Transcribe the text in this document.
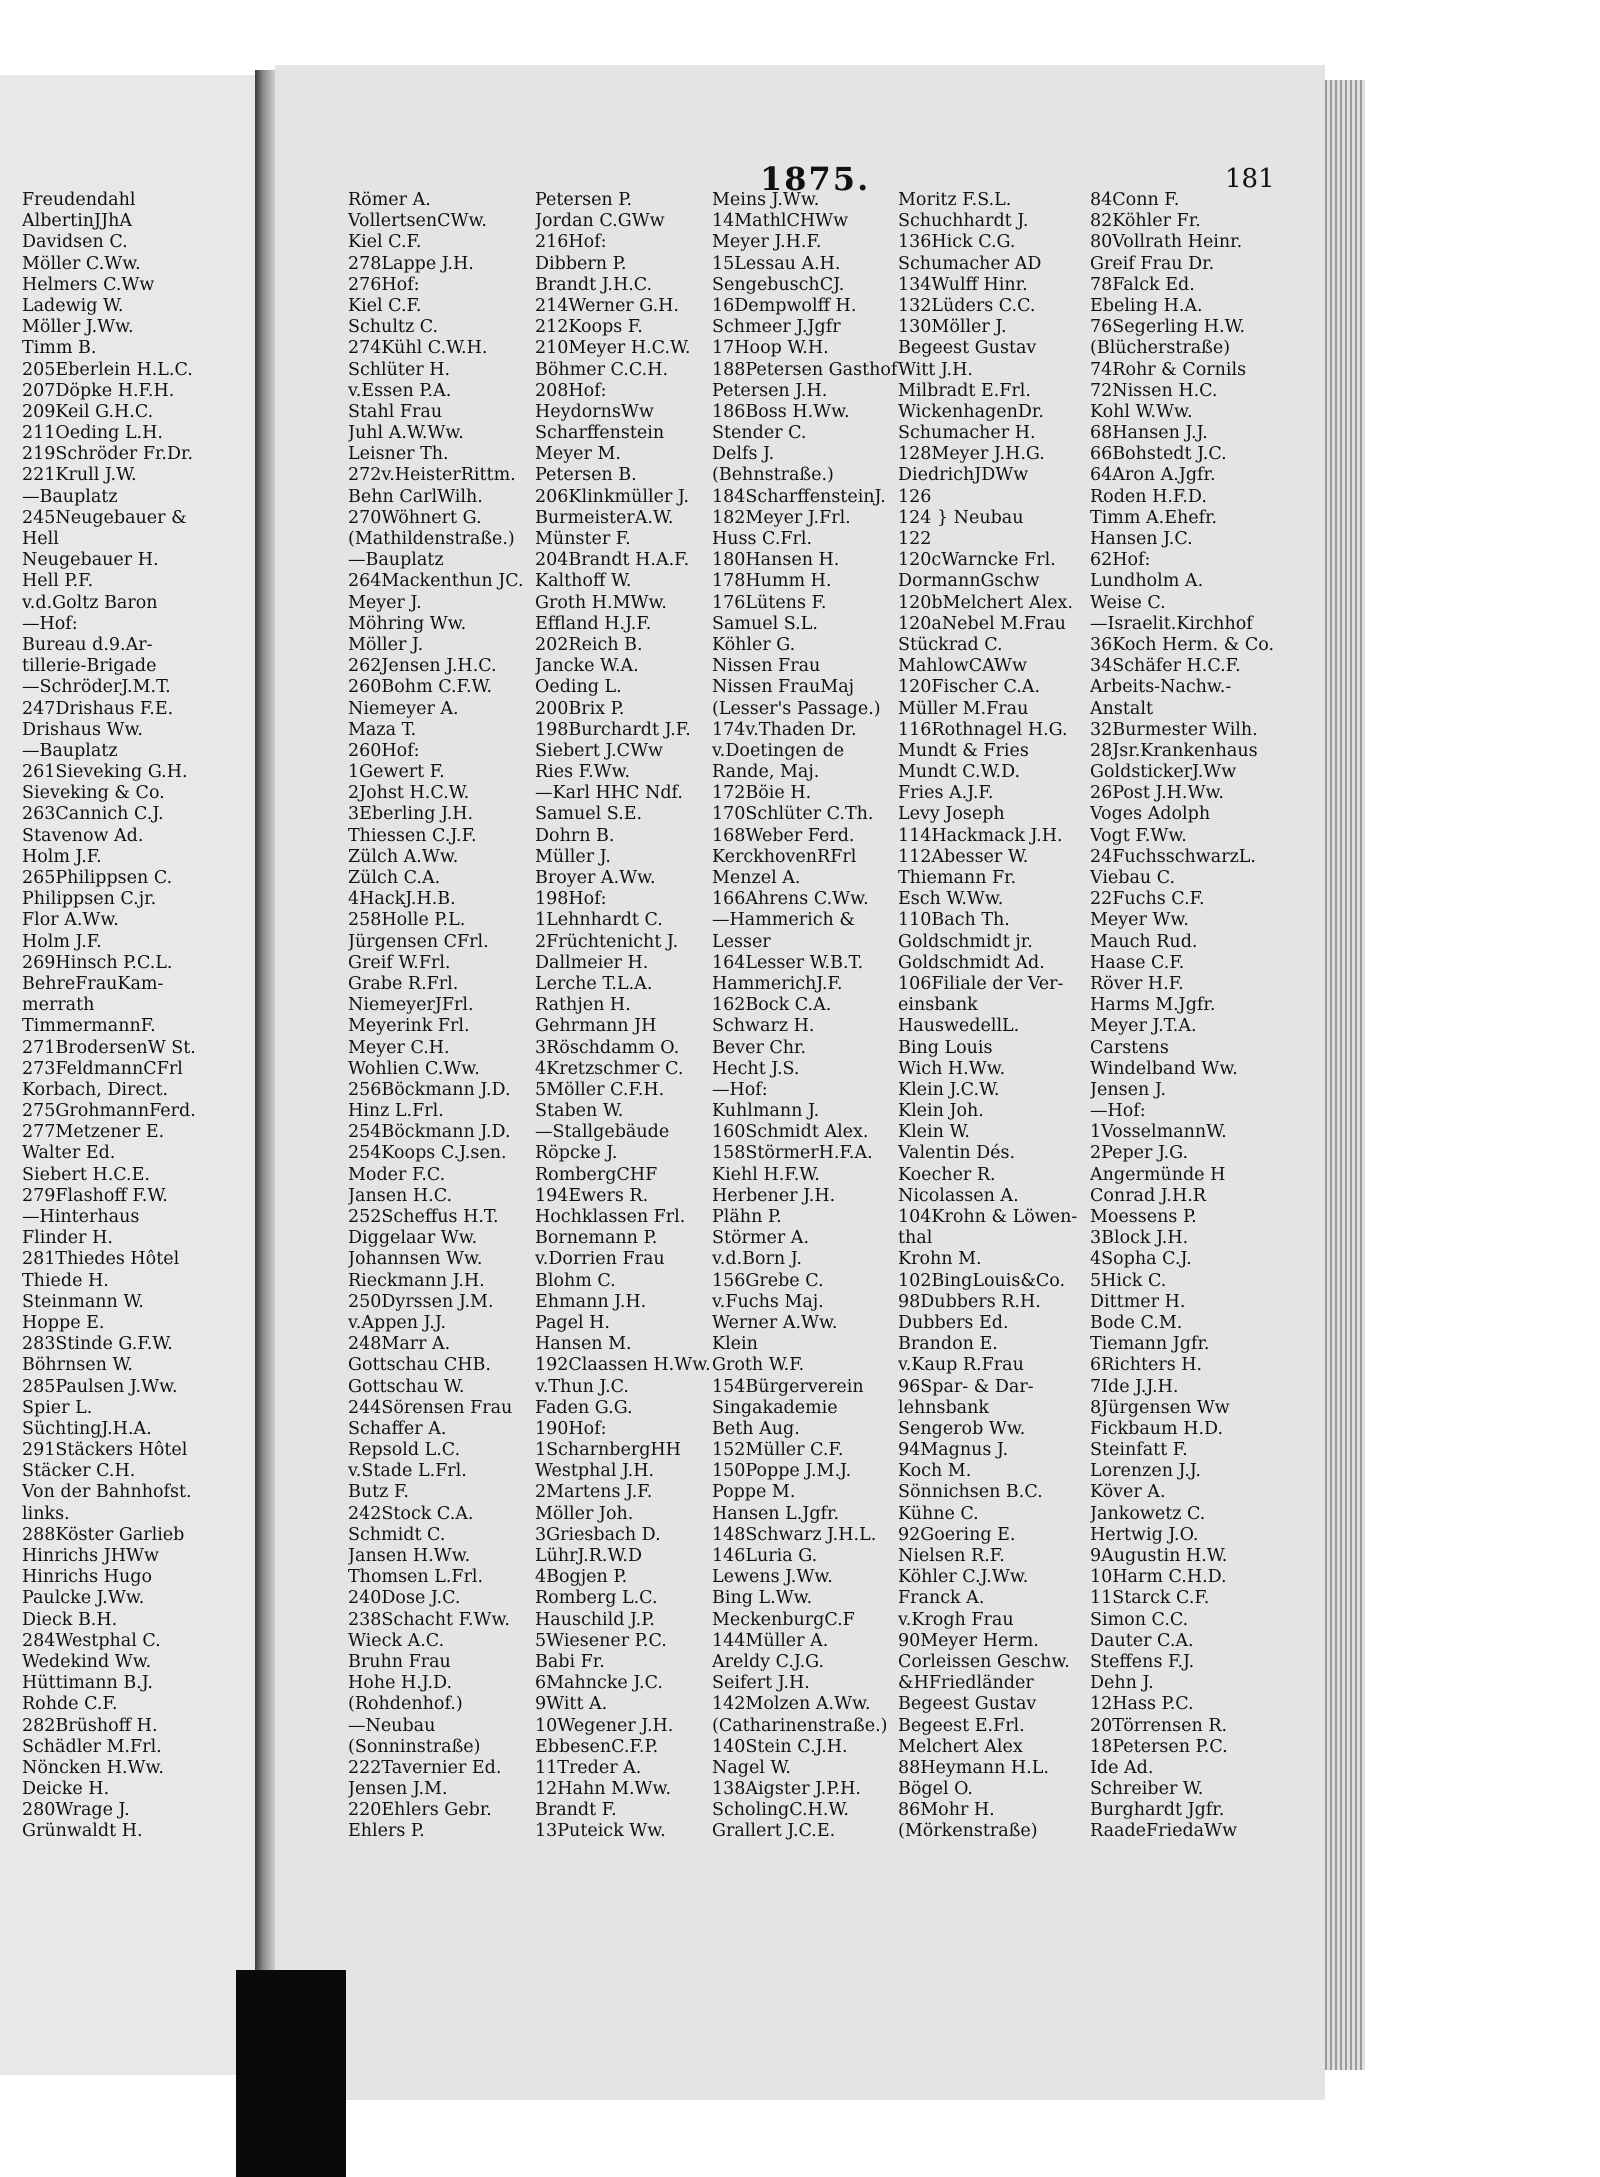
1875.	181
Freudendahl
AlbertinJJhA
Davidsen C.
Möller C.Ww.
Helmers C.Ww
Ladewig W.
Möller J.Ww.
Timm B.
205Eberlein H.L.C.
207Döpke H.F.H.
209Keil G.H.C.
211Oeding L.H.
219Schröder Fr.Dr.
221Krull J.W.
—Bauplatz
245Neugebauer &
Hell
Neugebauer H.
Hell P.F.
v.d.Goltz Baron
—Hof:
Bureau d.9.Ar-
tillerie-Brigade
—SchröderJ.M.T.
247Drishaus F.E.
Drishaus Ww.
—Bauplatz
261Sieveking G.H.
Sieveking & Co.
263Cannich C.J.
Stavenow Ad.
Holm J.F.
265Philippsen C.
Philippsen C.jr.
Flor A.Ww.
Holm J.F.
269Hinsch P.C.L.
BehreFrauKam-
merrath
TimmermannF.
271BrodersenW St.
273FeldmannCFrl
Korbach, Direct.
275GrohmannFerd.
277Metzener E.
Walter Ed.
Siebert H.C.E.
279Flashoff F.W.
—Hinterhaus
Flinder H.
281Thiedes Hôtel
Thiede H.
Steinmann W.
Hoppe E.
283Stinde G.F.W.
Böhrnsen W.
285Paulsen J.Ww.
Spier L.
SüchtingJ.H.A.
291Stäckers Hôtel
Stäcker C.H.
Von der Bahnhofst.
links.
288Köster Garlieb
Hinrichs JHWw
Hinrichs Hugo
Paulcke J.Ww.
Dieck B.H.
284Westphal C.
Wedekind Ww.
Hüttimann B.J.
Rohde C.F.
282Brüshoff H.
Schädler M.Frl.
Nöncken H.Ww.
Deicke H.
280Wrage J.
Grünwaldt H.
Römer A.
VollertsenCWw.
Kiel C.F.
278Lappe J.H.
276Hof:
Kiel C.F.
Schultz C.
274Kühl C.W.H.
Schlüter H.
v.Essen P.A.
Stahl Frau
Juhl A.W.Ww.
Leisner Th.
272v.HeisterRittm.
Behn CarlWilh.
270Wöhnert G.
(Mathildenstraße.)
—Bauplatz
264Mackenthun JC.
Meyer J.
Möhring Ww.
Möller J.
262Jensen J.H.C.
260Bohm C.F.W.
Niemeyer A.
Maza T.
260Hof:
1Gewert F.
2Johst H.C.W.
3Eberling J.H.
Thiessen C.J.F.
Zülch A.Ww.
Zülch C.A.
4HackJ.H.B.
258Holle P.L.
Jürgensen CFrl.
Greif W.Frl.
Grabe R.Frl.
NiemeyerJFrl.
Meyerink Frl.
Meyer C.H.
Wohlien C.Ww.
256Böckmann J.D.
Hinz L.Frl.
254Böckmann J.D.
254Koops C.J.sen.
Moder F.C.
Jansen H.C.
252Scheffus H.T.
Diggelaar Ww.
Johannsen Ww.
Rieckmann J.H.
250Dyrssen J.M.
v.Appen J.J.
248Marr A.
Gottschau CHB.
Gottschau W.
244Sörensen Frau
Schaffer A.
Repsold L.C.
v.Stade L.Frl.
Butz F.
242Stock C.A.
Schmidt C.
Jansen H.Ww.
Thomsen L.Frl.
240Dose J.C.
238Schacht F.Ww.
Wieck A.C.
Bruhn Frau
Hohe H.J.D.
(Rohdenhof.)
—Neubau
(Sonninstraße)
222Tavernier Ed.
Jensen J.M.
220Ehlers Gebr.
Ehlers P.
Petersen P.
Jordan C.GWw
216Hof:
Dibbern P.
Brandt J.H.C.
214Werner G.H.
212Koops F.
210Meyer H.C.W.
Böhmer C.C.H.
208Hof:
HeydornsWw
Scharffenstein
Meyer M.
Petersen B.
206Klinkmüller J.
BurmeisterA.W.
Münster F.
204Brandt H.A.F.
Kalthoff W.
Groth H.MWw.
Effland H.J.F.
202Reich B.
Jancke W.A.
Oeding L.
200Brix P.
198Burchardt J.F.
Siebert J.CWw
Ries F.Ww.
—Karl HHC Ndf.
Samuel S.E.
Dohrn B.
Müller J.
Broyer A.Ww.
198Hof:
1Lehnhardt C.
2Früchtenicht J.
Dallmeier H.
Lerche T.L.A.
Rathjen H.
Gehrmann JH
3Röschdamm O.
4Kretzschmer C.
5Möller C.F.H.
Staben W.
—Stallgebäude
Röpcke J.
RombergCHF
194Ewers R.
Hochklassen Frl.
Bornemann P.
v.Dorrien Frau
Blohm C.
Ehmann J.H.
Pagel H.
Hansen M.
192Claassen H.Ww.
v.Thun J.C.
Faden G.G.
190Hof:
1ScharnbergHH
Westphal J.H.
2Martens J.F.
Möller Joh.
3Griesbach D.
LührJ.R.W.D
4Bogjen P.
Romberg L.C.
Hauschild J.P.
5Wiesener P.C.
Babi Fr.
6Mahncke J.C.
9Witt A.
10Wegener J.H.
EbbesenC.F.P.
11Treder A.
12Hahn M.Ww.
Brandt F.
13Puteick Ww.
Meins J.Ww.
14MathlCHWw
Meyer J.H.F.
15Lessau A.H.
SengebuschCJ.
16Dempwolff H.
Schmeer J.Jgfr
17Hoop W.H.
188Petersen Gasthof
Petersen J.H.
186Boss H.Ww.
Stender C.
Delfs J.
(Behnstraße.)
184ScharffensteinJ.
182Meyer J.Frl.
Huss C.Frl.
180Hansen H.
178Humm H.
176Lütens F.
Samuel S.L.
Köhler G.
Nissen Frau
Nissen FrauMaj
(Lesser's Passage.)
174v.Thaden Dr.
v.Doetingen de
Rande, Maj.
172Böie H.
170Schlüter C.Th.
168Weber Ferd.
KerckhovenRFrl
Menzel A.
166Ahrens C.Ww.
—Hammerich &
Lesser
164Lesser W.B.T.
HammerichJ.F.
162Bock C.A.
Schwarz H.
Bever Chr.
Hecht J.S.
—Hof:
Kuhlmann J.
160Schmidt Alex.
158StörmerH.F.A.
Kiehl H.F.W.
Herbener J.H.
Plähn P.
Störmer A.
v.d.Born J.
156Grebe C.
v.Fuchs Maj.
Werner A.Ww.
Klein
Groth W.F.
154Bürgerverein
Singakademie
Beth Aug.
152Müller C.F.
150Poppe J.M.J.
Poppe M.
Hansen L.Jgfr.
148Schwarz J.H.L.
146Luria G.
Lewens J.Ww.
Bing L.Ww.
MeckenburgC.F
144Müller A.
Areldy C.J.G.
Seifert J.H.
142Molzen A.Ww.
(Catharinenstraße.)
140Stein C.J.H.
Nagel W.
138Aigster J.P.H.
ScholingC.H.W.
Grallert J.C.E.
Moritz F.S.L.
Schuchhardt J.
136Hick C.G.
Schumacher AD
134Wulff Hinr.
132Lüders C.C.
130Möller J.
Begeest Gustav
Witt J.H.
Milbradt E.Frl.
WickenhagenDr.
Schumacher H.
128Meyer J.H.G.
DiedrichJDWw
126
124 } Neubau
122
120cWarncke Frl.
DormannGschw
120bMelchert Alex.
120aNebel M.Frau
Stückrad C.
MahlowCAWw
120Fischer C.A.
Müller M.Frau
116Rothnagel H.G.
Mundt & Fries
Mundt C.W.D.
Fries A.J.F.
Levy Joseph
114Hackmack J.H.
112Abesser W.
Thiemann Fr.
Esch W.Ww.
110Bach Th.
Goldschmidt jr.
Goldschmidt Ad.
106Filiale der Ver-
einsbank
HauswedellL.
Bing Louis
Wich H.Ww.
Klein J.C.W.
Klein Joh.
Klein W.
Valentin Dés.
Koecher R.
Nicolassen A.
104Krohn & Löwen-
thal
Krohn M.
102BingLouis&Co.
98Dubbers R.H.
Dubbers Ed.
Brandon E.
v.Kaup R.Frau
96Spar- & Dar-
lehnsbank
Sengerob Ww.
94Magnus J.
Koch M.
Sönnichsen B.C.
Kühne C.
92Goering E.
Nielsen R.F.
Köhler C.J.Ww.
Franck A.
v.Krogh Frau
90Meyer Herm.
Corleissen Geschw.
&HFriedländer
Begeest Gustav
Begeest E.Frl.
Melchert Alex
88Heymann H.L.
Bögel O.
86Mohr H.
(Mörkenstraße)
84Conn F.
82Köhler Fr.
80Vollrath Heinr.
Greif Frau Dr.
78Falck Ed.
Ebeling H.A.
76Segerling H.W.
(Blücherstraße)
74Rohr & Cornils
72Nissen H.C.
Kohl W.Ww.
68Hansen J.J.
66Bohstedt J.C.
64Aron A.Jgfr.
Roden H.F.D.
Timm A.Ehefr.
Hansen J.C.
62Hof:
Lundholm A.
Weise C.
—Israelit.Kirchhof
36Koch Herm. & Co.
34Schäfer H.C.F.
Arbeits-Nachw.-
Anstalt
32Burmester Wilh.
28Jsr.Krankenhaus
GoldstickerJ.Ww
26Post J.H.Ww.
Voges Adolph
Vogt F.Ww.
24FuchsschwarzL.
Viebau C.
22Fuchs C.F.
Meyer Ww.
Mauch Rud.
Haase C.F.
Röver H.F.
Harms M.Jgfr.
Meyer J.T.A.
Carstens
Windelband Ww.
Jensen J.
—Hof:
1VosselmannW.
2Peper J.G.
Angermünde H
Conrad J.H.R
Moessens P.
3Block J.H.
4Sopha C.J.
5Hick C.
Dittmer H.
Bode C.M.
Tiemann Jgfr.
6Richters H.
7Ide J.J.H.
8Jürgensen Ww
Fickbaum H.D.
Steinfatt F.
Lorenzen J.J.
Köver A.
Jankowetz C.
Hertwig J.O.
9Augustin H.W.
10Harm C.H.D.
11Starck C.F.
Simon C.C.
Dauter C.A.
Steffens F.J.
Dehn J.
12Hass P.C.
20Törrensen R.
18Petersen P.C.
Ide Ad.
Schreiber W.
Burghardt Jgfr.
RaadeFriedaWw
